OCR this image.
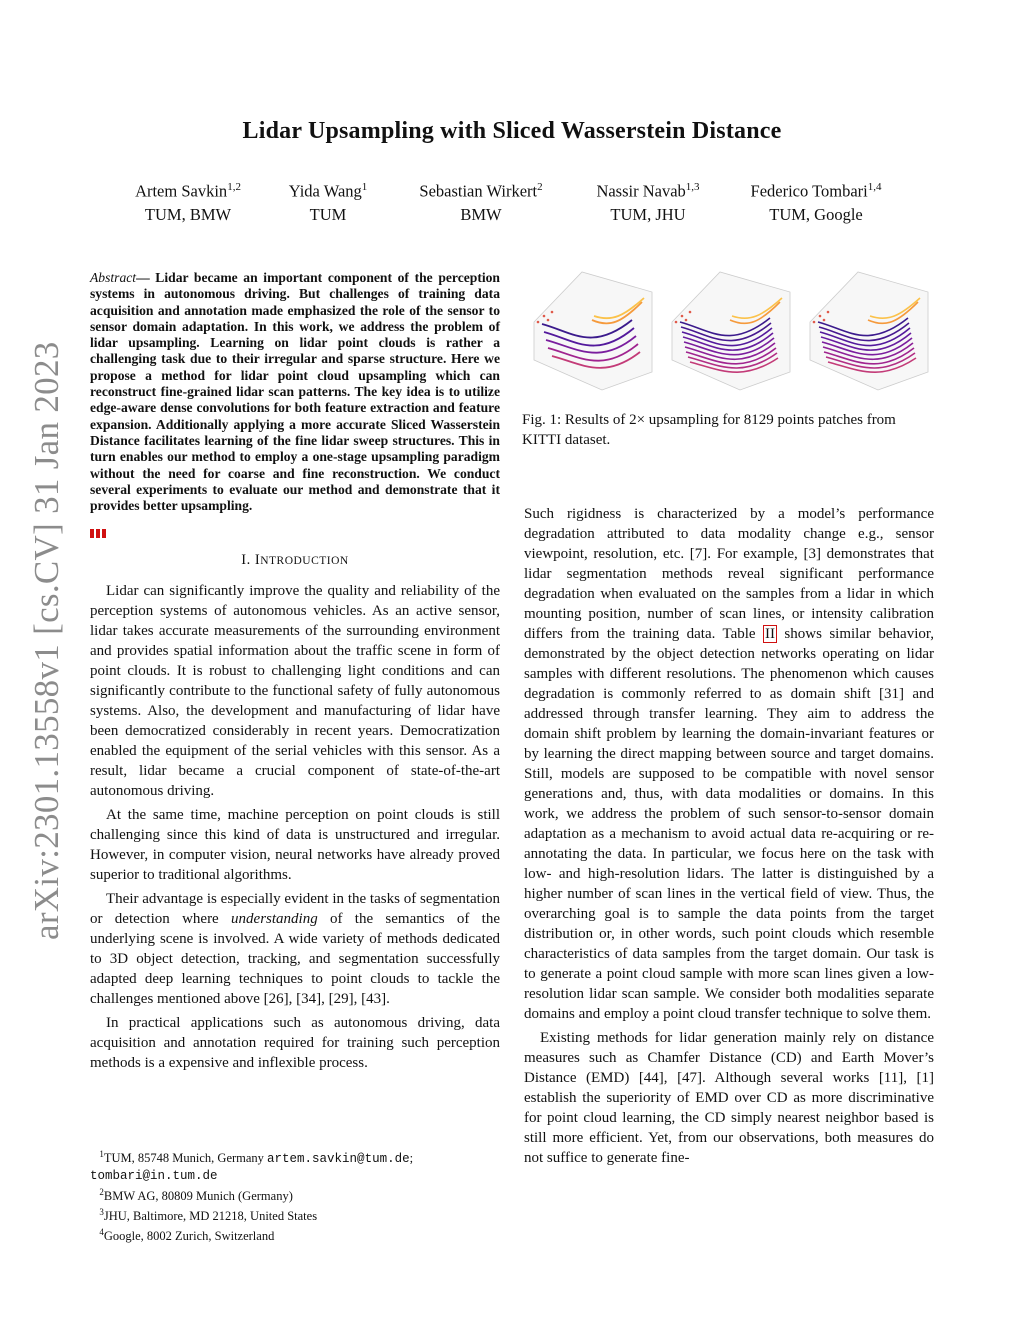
arXiv:2301.13558v1 [cs.CV] 31 Jan 2023
Lidar Upsampling with Sliced Wasserstein Distance
Artem Savkin$^{1,2}$
TUM, BMW
Yida Wang$^1$
TUM
Sebastian Wirkert$^2$
BMW
Nassir Navab$^{1,3}$
TUM, JHU
Federico Tombari$^{1,4}$
TUM, Google
Abstract— Lidar became an important component of the perception systems in autonomous driving. But challenges of training data acquisition and annotation made emphasized the role of the sensor to sensor domain adaptation. In this work, we address the problem of lidar upsampling. Learning on lidar point clouds is rather a challenging task due to their irregular and sparse structure. Here we propose a method for lidar point cloud upsampling which can reconstruct fine-grained lidar scan patterns. The key idea is to utilize edge-aware dense convolutions for both feature extraction and feature expansion. Additionally applying a more accurate Sliced Wasserstein Distance facilitates learning of the fine lidar sweep structures. This in turn enables our method to employ a one-stage upsampling paradigm without the need for coarse and fine reconstruction. We conduct several experiments to evaluate our method and demonstrate that it provides better upsampling.
I. INTRODUCTION

Lidar can significantly improve the quality and reliability of the perception systems of autonomous vehicles. As an active sensor, lidar takes accurate measurements of the surrounding environment and provides spatial information about the traffic scene in form of point clouds. It is robust to challenging light conditions and can significantly contribute to the functional safety of fully autonomous systems. Also, the development and manufacturing of lidar have been democratized considerably in recent years. Democratization enabled the equipment of the serial vehicles with this sensor. As a result, lidar became a crucial component of state-of-the-art autonomous driving.

At the same time, machine perception on point clouds is still challenging since this kind of data is unstructured and irregular. However, in computer vision, neural networks have already proved superior to traditional algorithms.

Their advantage is especially evident in the tasks of segmentation or detection where understanding of the semantics of the underlying scene is involved. A wide variety of methods dedicated to 3D object detection, tracking, and segmentation successfully adapted deep learning techniques to point clouds to tackle the challenges mentioned above [26], [34], [29], [43].

In practical applications such as autonomous driving, data acquisition and annotation required for training such perception methods is a expensive and inflexible process.

$^1$TUM, 85748 Munich, Germany artem.savkin@tum.de; tombari@in.tum.de
$^2$BMW AG, 80809 Munich (Germany)
$^3$JHU, Baltimore, MD 21218, United States
$^4$Google, 8002 Zurich, Switzerland
Fig. 1: Results of 2× upsampling for 8129 points patches from KITTI dataset.

Such rigidness is characterized by a model’s performance degradation attributed to data modality change e.g., sensor viewpoint, resolution, etc. [7]. For example, [3] demonstrates that lidar segmentation methods reveal significant performance degradation when evaluated on the samples from a lidar in which mounting position, number of scan lines, or intensity calibration differs from the training data. Table II shows similar behavior, demonstrated by the object detection networks operating on lidar samples with different resolutions. The phenomenon which causes degradation is commonly referred to as domain shift [31] and addressed through transfer learning. They aim to address the domain shift problem by learning the domain-invariant features or by learning the direct mapping between source and target domains. Still, models are supposed to be compatible with novel sensor generations and, thus, with data modalities or domains. In this work, we address the problem of such sensor-to-sensor domain adaptation as a mechanism to avoid actual data re-acquiring or re-annotating the data. In particular, we focus here on the task with low- and high-resolution lidars. The latter is distinguished by a higher number of scan lines in the vertical field of view. Thus, the overarching goal is to sample the data points from the target distribution or, in other words, such point clouds which resemble characteristics of data samples from the target domain. Our task is to generate a point cloud sample with more scan lines given a low-resolution lidar scan sample. We consider both modalities separate domains and employ a point cloud transfer technique to solve them.

Existing methods for lidar generation mainly rely on distance measures such as Chamfer Distance (CD) and Earth Mover’s Distance (EMD) [44], [47]. Although several works [11], [1] establish the superiority of EMD over CD as more discriminative for point cloud learning, the CD simply nearest neighbor based is still more efficient. Yet, from our observations, both measures do not suffice to generate fine-
